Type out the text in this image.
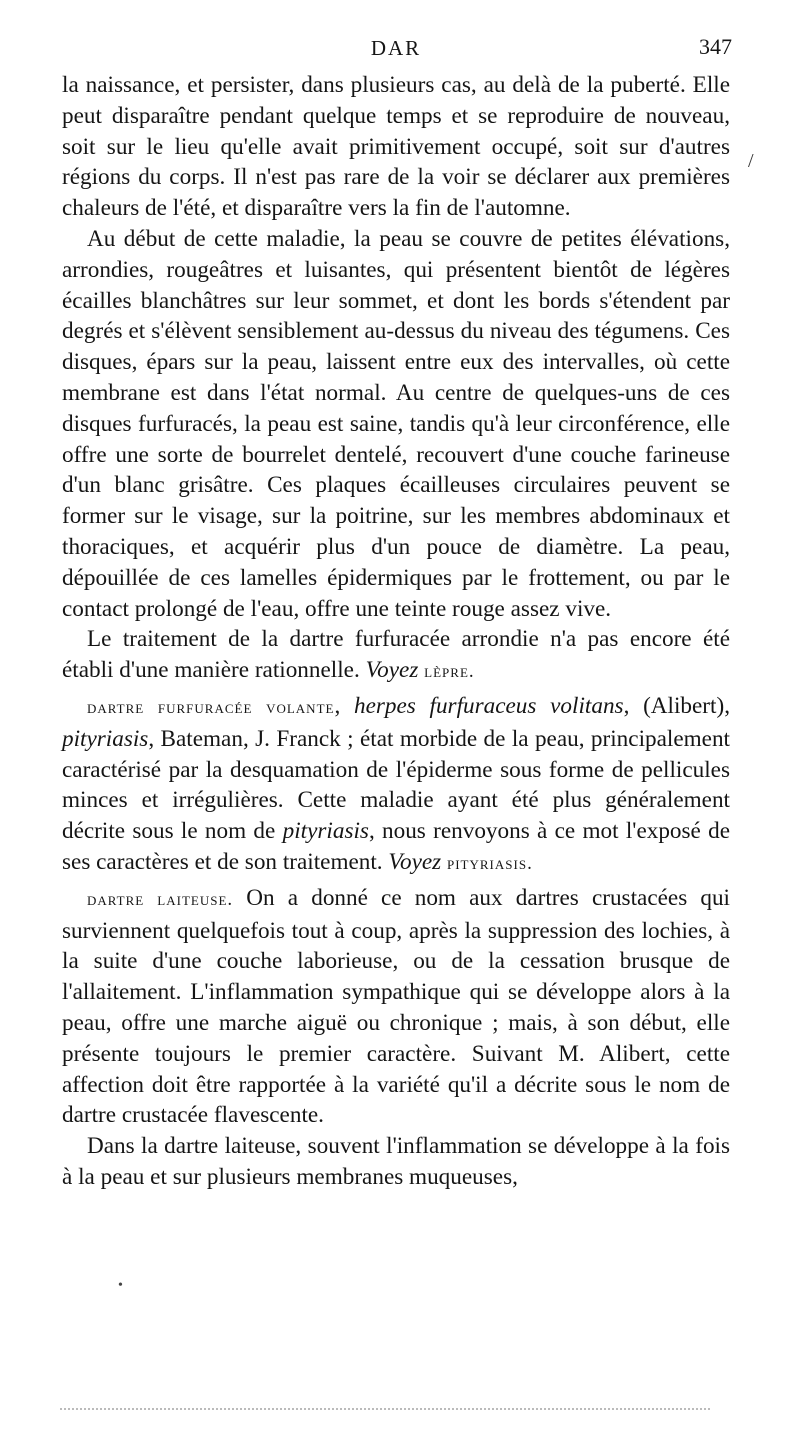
DAR	347

la naissance, et persister, dans plusieurs cas, au delà de la puberté. Elle peut disparaître pendant quelque temps et se reproduire de nouveau, soit sur le lieu qu'elle avait primitivement occupé, soit sur d'autres régions du corps. Il n'est pas rare de la voir se déclarer aux premières chaleurs de l'été, et disparaître vers la fin de l'automne.

Au début de cette maladie, la peau se couvre de petites élévations, arrondies, rougeâtres et luisantes, qui présentent bientôt de légères écailles blanchâtres sur leur sommet, et dont les bords s'étendent par degrés et s'élèvent sensiblement au-dessus du niveau des tégumens. Ces disques, épars sur la peau, laissent entre eux des intervalles, où cette membrane est dans l'état normal. Au centre de quelques-uns de ces disques furfuracés, la peau est saine, tandis qu'à leur circonférence, elle offre une sorte de bourrelet dentelé, recouvert d'une couche farineuse d'un blanc grisâtre. Ces plaques écailleuses circulaires peuvent se former sur le visage, sur la poitrine, sur les membres abdominaux et thoraciques, et acquérir plus d'un pouce de diamètre. La peau, dépouillée de ces lamelles épidermiques par le frottement, ou par le contact prolongé de l'eau, offre une teinte rouge assez vive.

Le traitement de la dartre furfuracée arrondie n'a pas encore été établi d'une manière rationnelle. Voyez lèpre.

dartre furfuracée volante, herpes furfuraceus volitans, (Alibert), pityriasis, Bateman, J. Franck ; état morbide de la peau, principalement caractérisé par la desquamation de l'épiderme sous forme de pellicules minces et irrégulières. Cette maladie ayant été plus généralement décrite sous le nom de pityriasis, nous renvoyons à ce mot l'exposé de ses caractères et de son traitement. Voyez pityriasis.

dartre laiteuse. On a donné ce nom aux dartres crustacées qui surviennent quelquefois tout à coup, après la suppression des lochies, à la suite d'une couche laborieuse, ou de la cessation brusque de l'allaitement. L'inflammation sympathique qui se développe alors à la peau, offre une marche aiguë ou chronique ; mais, à son début, elle présente toujours le premier caractère. Suivant M. Alibert, cette affection doit être rapportée à la variété qu'il a décrite sous le nom de dartre crustacée flavescente.

Dans la dartre laiteuse, souvent l'inflammation se développe à la fois à la peau et sur plusieurs membranes muqueuses,

/
•
